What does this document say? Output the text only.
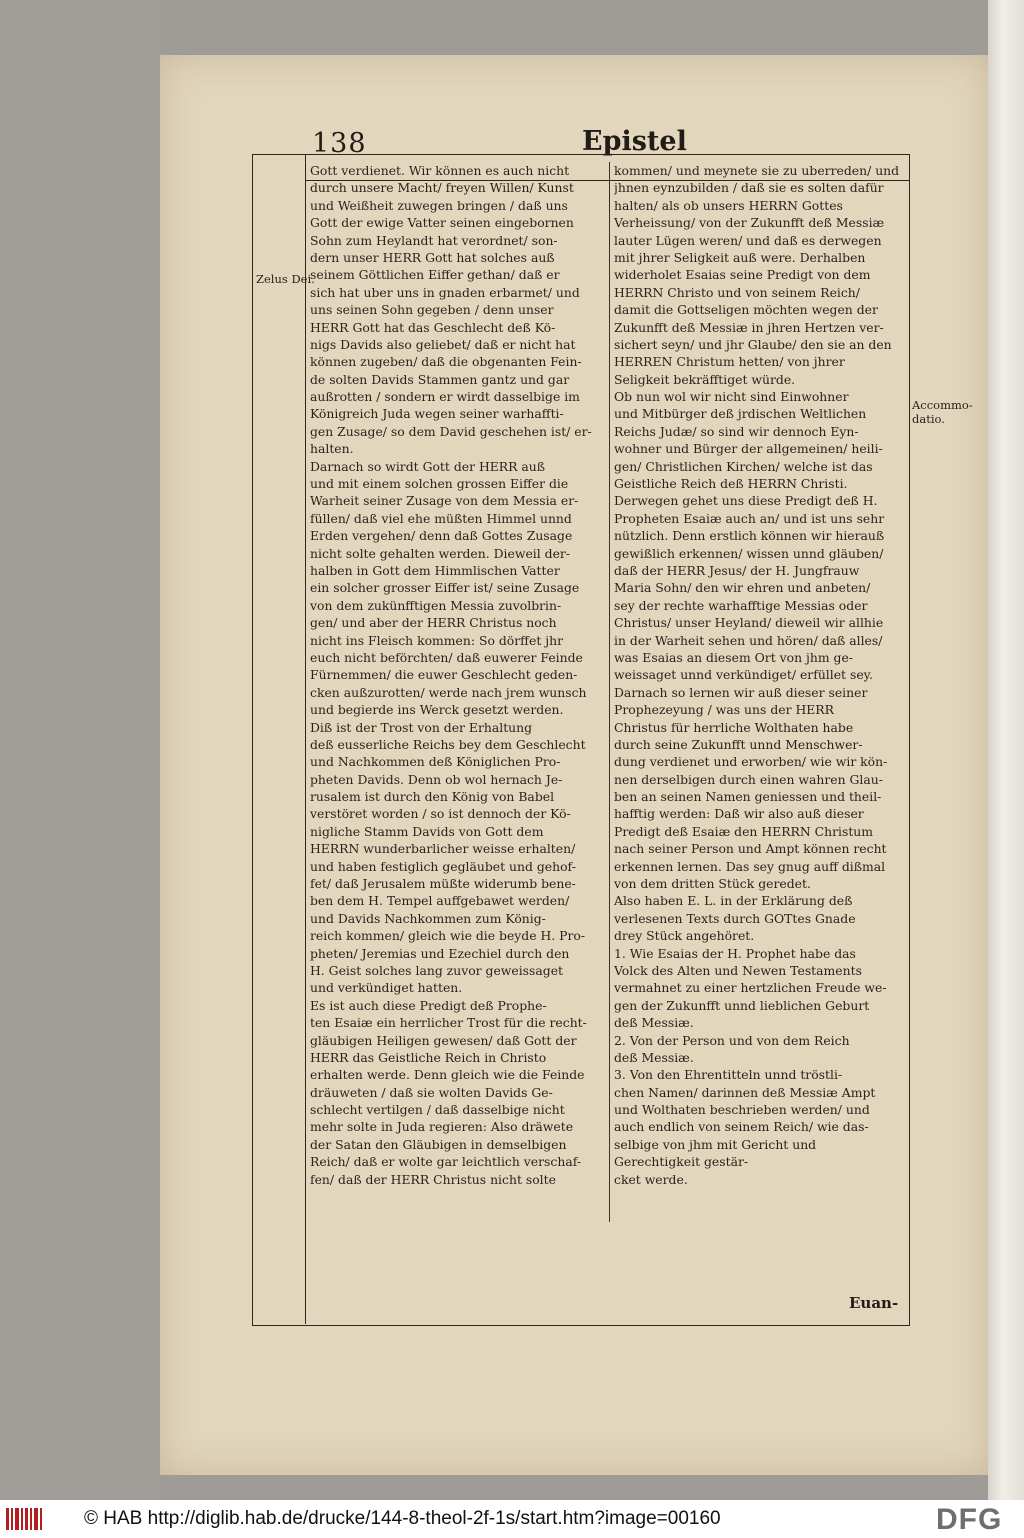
138	Epistel
Zelus Dei.
Accommo-
datio.
Gott verdienet. Wir können es auch nicht
durch unsere Macht/ freyen Willen/ Kunst
und Weißheit zuwegen bringen / daß uns
Gott der ewige Vatter seinen eingebornen
Sohn zum Heylandt hat verordnet/ son-
dern unser HERR Gott hat solches auß
seinem Göttlichen Eiffer gethan/ daß er
sich hat uber uns in gnaden erbarmet/ und
uns seinen Sohn gegeben / denn unser
HERR Gott hat das Geschlecht deß Kö-
nigs Davids also geliebet/ daß er nicht hat
können zugeben/ daß die obgenanten Fein-
de solten Davids Stammen gantz und gar
außrotten / sondern er wirdt dasselbige im
Königreich Juda wegen seiner warhaffti-
gen Zusage/ so dem David geschehen ist/ er-
halten.
Darnach so wirdt Gott der HERR auß
und mit einem solchen grossen Eiffer die
Warheit seiner Zusage von dem Messia er-
füllen/ daß viel ehe müßten Himmel unnd
Erden vergehen/ denn daß Gottes Zusage
nicht solte gehalten werden. Dieweil der-
halben in Gott dem Himmlischen Vatter
ein solcher grosser Eiffer ist/ seine Zusage
von dem zukünfftigen Messia zuvolbrin-
gen/ und aber der HERR Christus noch
nicht ins Fleisch kommen: So dörffet jhr
euch nicht beförchten/ daß euwerer Feinde
Fürnemmen/ die euwer Geschlecht geden-
cken außzurotten/ werde nach jrem wunsch
und begierde ins Werck gesetzt werden.
Diß ist der Trost von der Erhaltung
deß eusserliche Reichs bey dem Geschlecht
und Nachkommen deß Königlichen Pro-
pheten Davids. Denn ob wol hernach Je-
rusalem ist durch den König von Babel
verstöret worden / so ist dennoch der Kö-
nigliche Stamm Davids von Gott dem
HERRN wunderbarlicher weisse erhalten/
und haben festiglich gegläubet und gehof-
fet/ daß Jerusalem müßte widerumb bene-
ben dem H. Tempel auffgebawet werden/
und Davids Nachkommen zum König-
reich kommen/ gleich wie die beyde H. Pro-
pheten/ Jeremias und Ezechiel durch den
H. Geist solches lang zuvor geweissaget
und verkündiget hatten.
Es ist auch diese Predigt deß Prophe-
ten Esaiæ ein herrlicher Trost für die recht-
gläubigen Heiligen gewesen/ daß Gott der
HERR das Geistliche Reich in Christo
erhalten werde. Denn gleich wie die Feinde
dräuweten / daß sie wolten Davids Ge-
schlecht vertilgen / daß dasselbige nicht
mehr solte in Juda regieren: Also dräwete
der Satan den Gläubigen in demselbigen
Reich/ daß er wolte gar leichtlich verschaf-
fen/ daß der HERR Christus nicht solte
kommen/ und meynete sie zu uberreden/ und
jhnen eynzubilden / daß sie es solten dafür
halten/ als ob unsers HERRN Gottes
Verheissung/ von der Zukunfft deß Messiæ
lauter Lügen weren/ und daß es derwegen
mit jhrer Seligkeit auß were. Derhalben
widerholet Esaias seine Predigt von dem
HERRN Christo und von seinem Reich/
damit die Gottseligen möchten wegen der
Zukunfft deß Messiæ in jhren Hertzen ver-
sichert seyn/ und jhr Glaube/ den sie an den
HERREN Christum hetten/ von jhrer
Seligkeit bekräfftiget würde.
Ob nun wol wir nicht sind Einwohner
und Mitbürger deß jrdischen Weltlichen
Reichs Judæ/ so sind wir dennoch Eyn-
wohner und Bürger der allgemeinen/ heili-
gen/ Christlichen Kirchen/ welche ist das
Geistliche Reich deß HERRN Christi.
Derwegen gehet uns diese Predigt deß H.
Propheten Esaiæ auch an/ und ist uns sehr
nützlich. Denn erstlich können wir hierauß
gewißlich erkennen/ wissen unnd gläuben/
daß der HERR Jesus/ der H. Jungfrauw
Maria Sohn/ den wir ehren und anbeten/
sey der rechte warhafftige Messias oder
Christus/ unser Heyland/ dieweil wir allhie
in der Warheit sehen und hören/ daß alles/
was Esaias an diesem Ort von jhm ge-
weissaget unnd verkündiget/ erfüllet sey.
Darnach so lernen wir auß dieser seiner
Prophezeyung / was uns der HERR
Christus für herrliche Wolthaten habe
durch seine Zukunfft unnd Menschwer-
dung verdienet und erworben/ wie wir kön-
nen derselbigen durch einen wahren Glau-
ben an seinen Namen geniessen und theil-
hafftig werden: Daß wir also auß dieser
Predigt deß Esaiæ den HERRN Christum
nach seiner Person und Ampt können recht
erkennen lernen. Das sey gnug auff dißmal
von dem dritten Stück geredet.
Also haben E. L. in der Erklärung deß
verlesenen Texts durch GOTtes Gnade
drey Stück angehöret.
1. Wie Esaias der H. Prophet habe das
Volck des Alten und Newen Testaments
vermahnet zu einer hertzlichen Freude we-
gen der Zukunfft unnd lieblichen Geburt
deß Messiæ.
2. Von der Person und von dem Reich
deß Messiæ.
3. Von den Ehrentitteln unnd tröstli-
chen Namen/ darinnen deß Messiæ Ampt
und Wolthaten beschrieben werden/ und
auch endlich von seinem Reich/ wie das-
selbige von jhm mit Gericht und
Gerechtigkeit gestär-
cket werde.
Euan-
© HAB http://diglib.hab.de/drucke/144-8-theol-2f-1s/start.htm?image=00160	DFG
